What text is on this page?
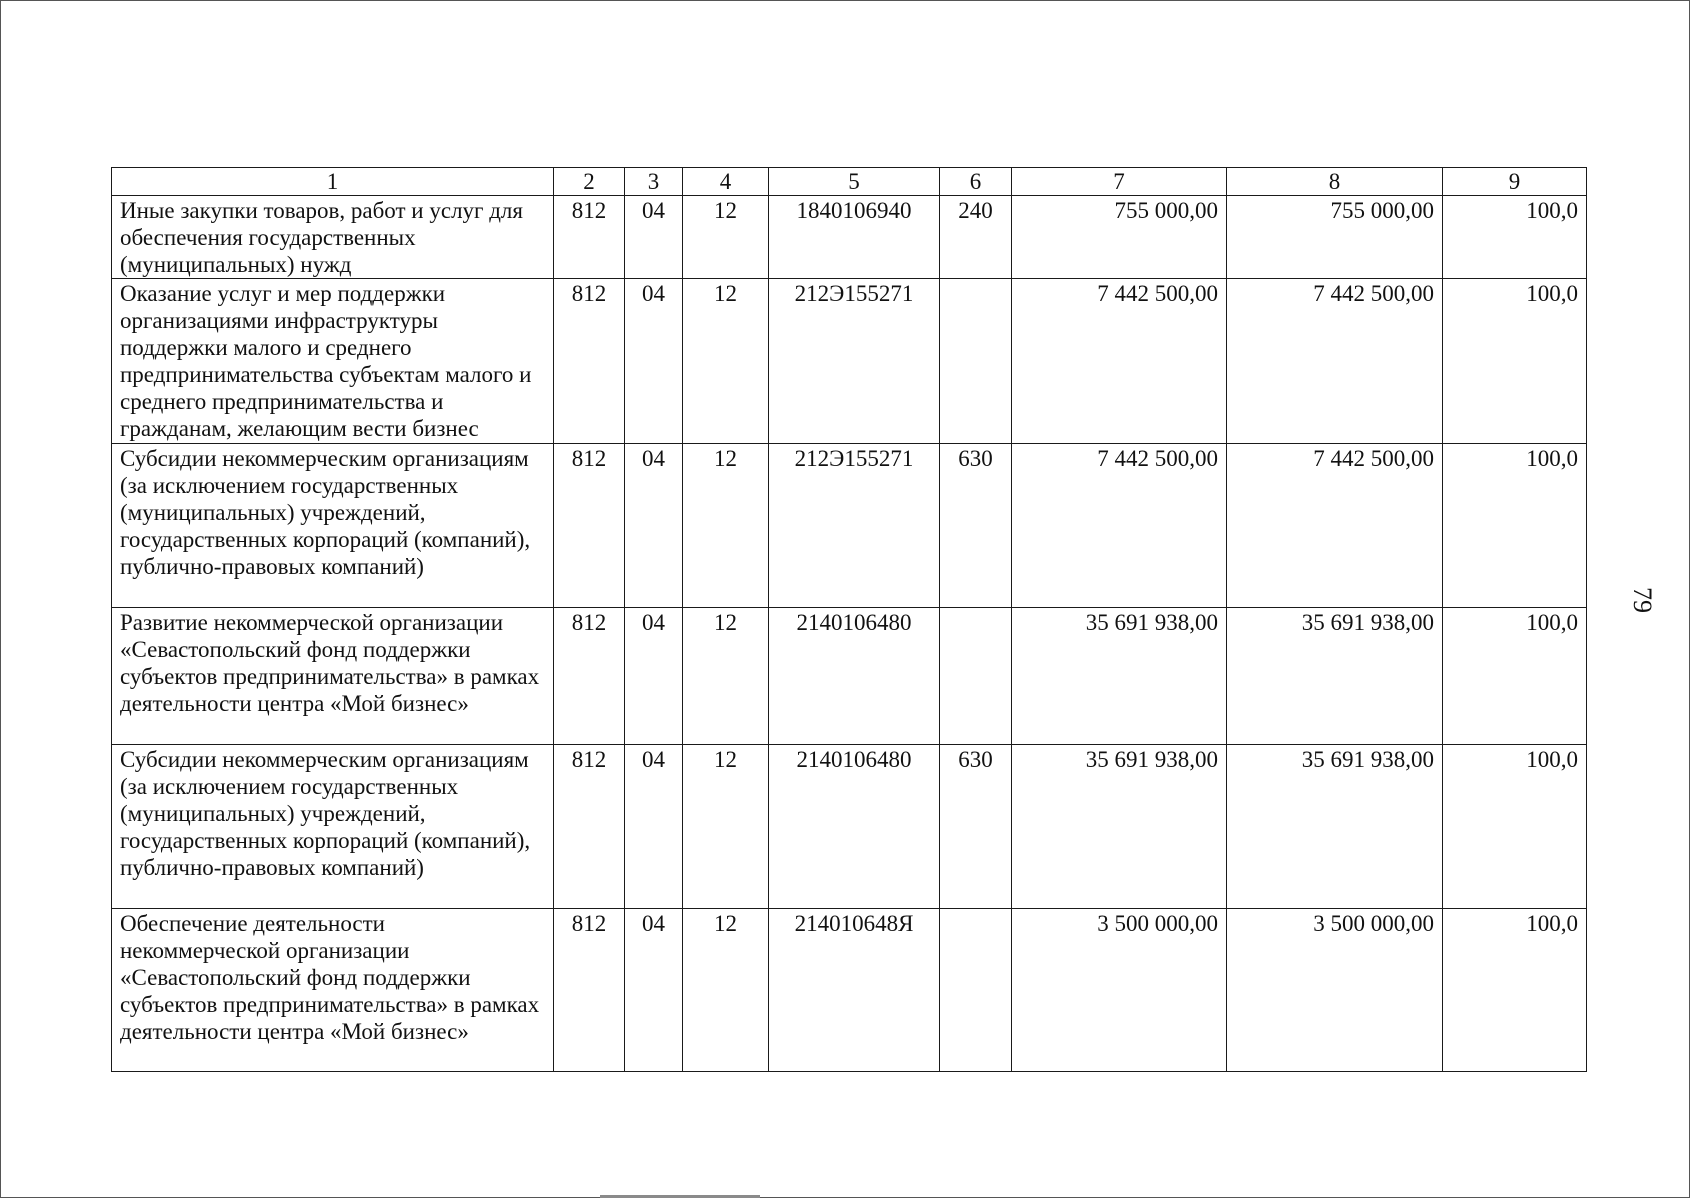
1	2	3	4	5	6	7	8	9
Иные закупки товаров, работ и услуг для обеспечения государственных (муниципальных) нужд	812	04	12	1840106940	240	755 000,00	755 000,00	100,0
Оказание услуг и мер поддержки организациями инфраструктуры поддержки малого и среднего предпринимательства субъектам малого и среднего предпринимательства и гражданам, желающим вести бизнес	812	04	12	212Э155271		7 442 500,00	7 442 500,00	100,0
Субсидии некоммерческим организациям (за исключением государственных (муниципальных) учреждений, государственных корпораций (компаний), публично-правовых компаний)	812	04	12	212Э155271	630	7 442 500,00	7 442 500,00	100,0
Развитие некоммерческой организации «Севастопольский фонд поддержки субъектов предпринимательства» в рамках деятельности центра «Мой бизнес»	812	04	12	2140106480		35 691 938,00	35 691 938,00	100,0
Субсидии некоммерческим организациям (за исключением государственных (муниципальных) учреждений, государственных корпораций (компаний), публично-правовых компаний)	812	04	12	2140106480	630	35 691 938,00	35 691 938,00	100,0
Обеспечение деятельности некоммерческой организации «Севастопольский фонд поддержки субъектов предпринимательства» в рамках деятельности центра «Мой бизнес»	812	04	12	214010648Я		3 500 000,00	3 500 000,00	100,0
79
